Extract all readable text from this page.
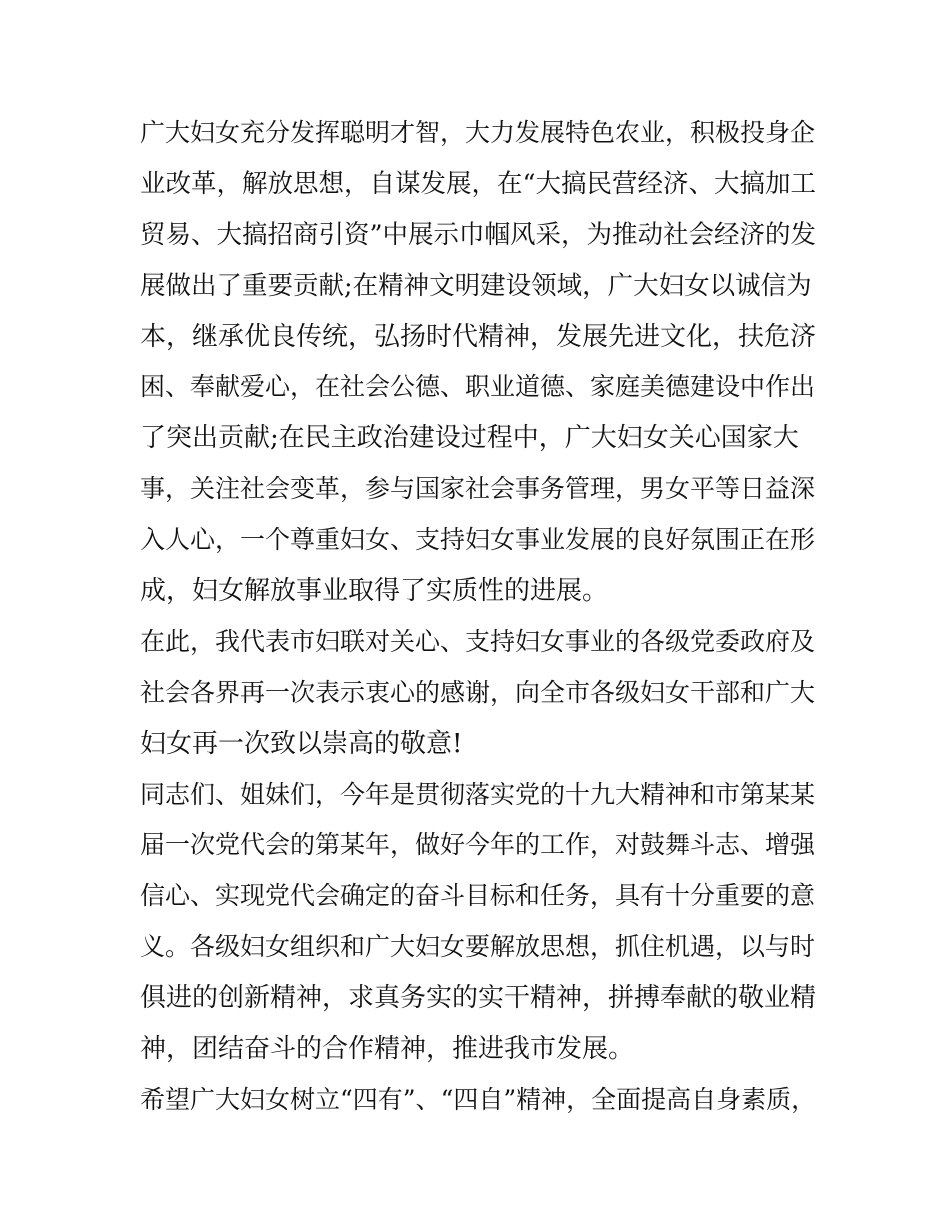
广大妇女充分发挥聪明才智，大力发展特色农业，积极投身企
业改革，解放思想，自谋发展，在“大搞民营经济、大搞加工
贸易、大搞招商引资”中展示巾帼风采，为推动社会经济的发
展做出了重要贡献;在精神文明建设领域，广大妇女以诚信为
本，继承优良传统，弘扬时代精神，发展先进文化，扶危济
困、奉献爱心，在社会公德、职业道德、家庭美德建设中作出
了突出贡献;在民主政治建设过程中，广大妇女关心国家大
事，关注社会变革，参与国家社会事务管理，男女平等日益深
入人心，一个尊重妇女、支持妇女事业发展的良好氛围正在形
成，妇女解放事业取得了实质性的进展。
在此，我代表市妇联对关心、支持妇女事业的各级党委政府及
社会各界再一次表示衷心的感谢，向全市各级妇女干部和广大
妇女再一次致以崇高的敬意!
同志们、姐妹们，今年是贯彻落实党的十九大精神和市第某某
届一次党代会的第某年，做好今年的工作，对鼓舞斗志、增强
信心、实现党代会确定的奋斗目标和任务，具有十分重要的意
义。各级妇女组织和广大妇女要解放思想，抓住机遇，以与时
俱进的创新精神，求真务实的实干精神，拼搏奉献的敬业精
神，团结奋斗的合作精神，推进我市发展。
希望广大妇女树立“四有”、“四自”精神，全面提高自身素质，
